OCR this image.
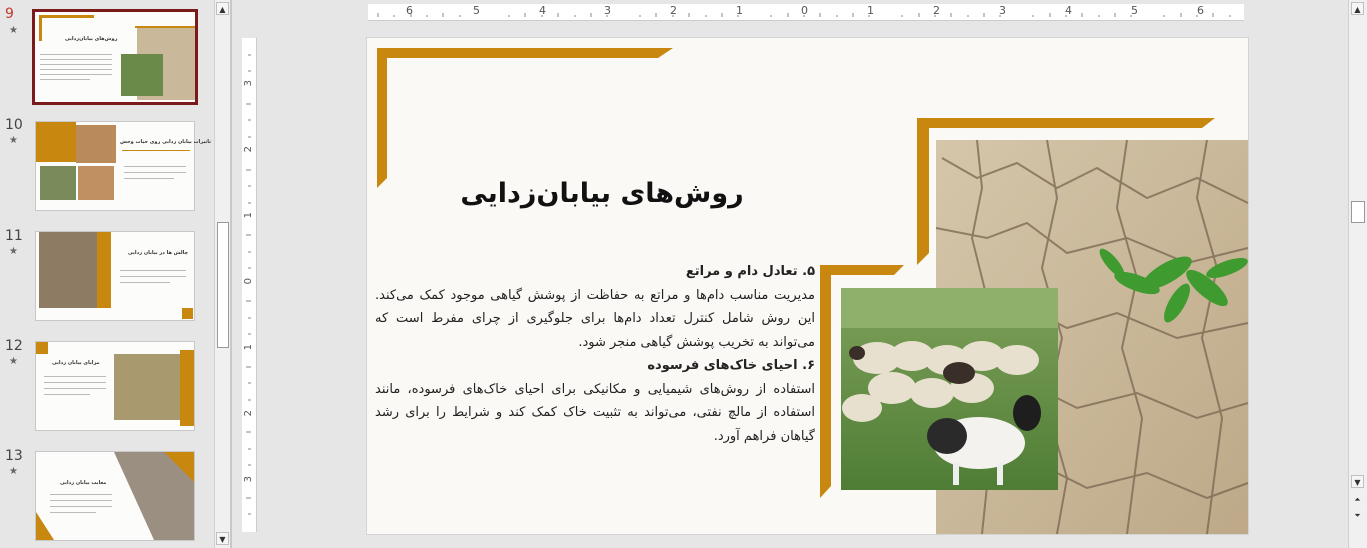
9
★
روش‌های بیابان‌زدایی
10
★	تاثیرات بیابان زدایی روی حیات وحش
11
★	چالش ها در بیابان زدایی
12
★	مزایای بیابان زدایی
13
★
معایب بیابان زدایی
▲
▼
6	5	4	3	2	1	0	1	2	3	4	5	6
3
2
1
0
1
2
3
روش‌های بیابان‌زدایی

۵. تعادل دام و مراتع

مدیریت مناسب دام‌ها و مراتع به حفاظت از پوشش گیاهی موجود کمک می‌کند. این روش شامل کنترل تعداد دام‌ها برای جلوگیری از چرای مفرط است که می‌تواند به تخریب پوشش گیاهی منجر شود.

۶. احیای خاک‌های فرسوده

استفاده از روش‌های شیمیایی و مکانیکی برای احیای خاک‌های فرسوده، مانند استفاده از مالچ نفتی، می‌تواند به تثبیت خاک کمک کند و شرایط را برای رشد گیاهان فراهم آورد.

▲
▼
⏶
⏷
